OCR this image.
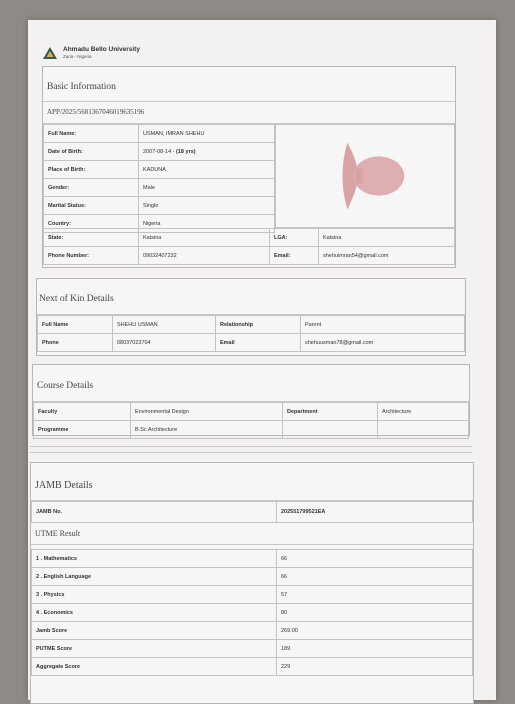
Ahmadu Bello University
Zaria - Nigeria
Basic Information
APP/2025/5681367046019635196
Full Name:	USMAN, IMRAN SHEHU
Date of Birth:	2007-08-14 - (18 yrs)
Place of Birth:	KADUNA
Gender:	Male
Marital Status:	Single
Country:	Nigeria
State:	Katsina	LGA:	Katsina
Phone Number:	09032407232	Email:	shehuimran54@gmail.com
Next of Kin Details
Full Name	SHEHU USMAN	Relationship	Parent
Phone	08037023704	Email	shehuusman78@gmail.com
Course Details
Faculty	Environmental Design	Department	Architecture
Programme	B.Sc Architecture		
JAMB Details
JAMB No.	202551799521EA
UTME Result
1 . Mathematics	66
2 . English Language	66
3 . Physics	57
4 . Economics	80
Jamb Score	269.00
PUTME Score	189
Aggregate Score	229
